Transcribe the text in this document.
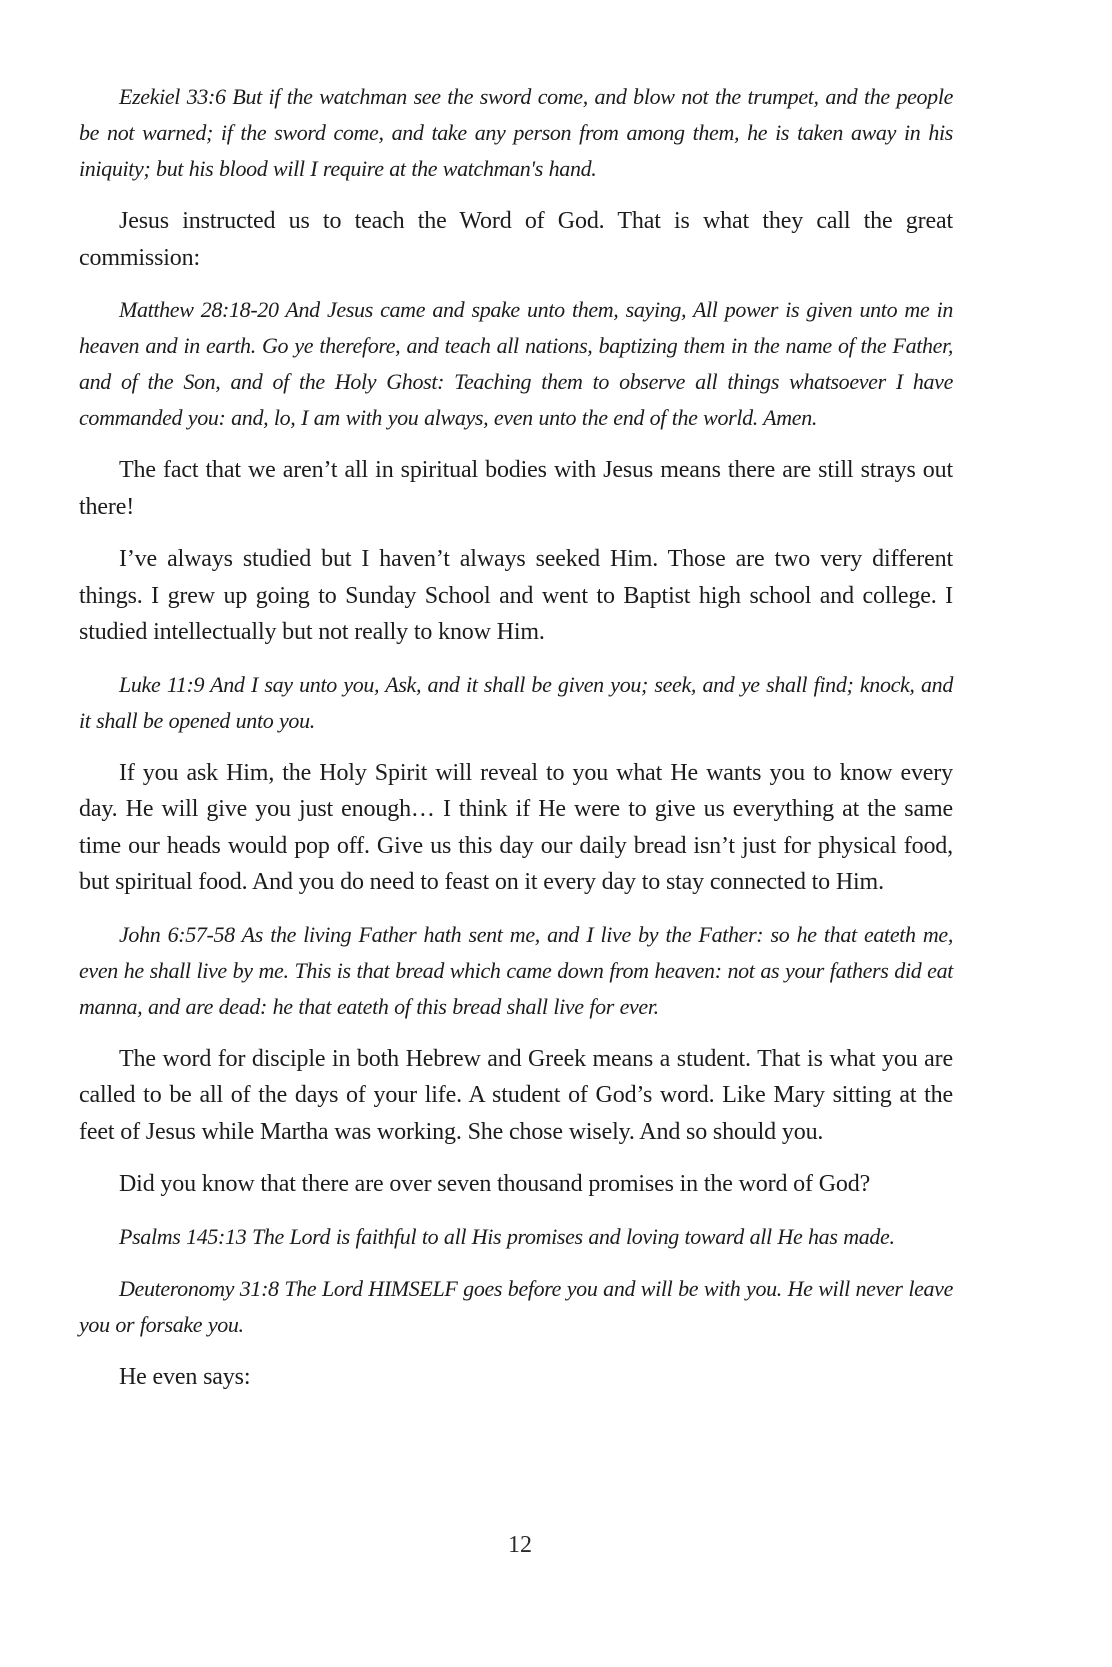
Ezekiel 33:6 But if the watchman see the sword come, and blow not the trumpet, and the people be not warned; if the sword come, and take any person from among them, he is taken away in his iniquity; but his blood will I require at the watchman's hand.

Jesus instructed us to teach the Word of God. That is what they call the great commission:

Matthew 28:18-20 And Jesus came and spake unto them, saying, All power is given unto me in heaven and in earth. Go ye therefore, and teach all nations, baptizing them in the name of the Father, and of the Son, and of the Holy Ghost: Teaching them to observe all things whatsoever I have commanded you: and, lo, I am with you always, even unto the end of the world. Amen.

The fact that we aren’t all in spiritual bodies with Jesus means there are still strays out there!

I’ve always studied but I haven’t always seeked Him. Those are two very different things. I grew up going to Sunday School and went to Baptist high school and college. I studied intellectually but not really to know Him.

Luke 11:9 And I say unto you, Ask, and it shall be given you; seek, and ye shall find; knock, and it shall be opened unto you.

If you ask Him, the Holy Spirit will reveal to you what He wants you to know every day. He will give you just enough… I think if He were to give us everything at the same time our heads would pop off. Give us this day our daily bread isn’t just for physical food, but spiritual food. And you do need to feast on it every day to stay connected to Him.

John 6:57-58 As the living Father hath sent me, and I live by the Father: so he that eateth me, even he shall live by me. This is that bread which came down from heaven: not as your fathers did eat manna, and are dead: he that eateth of this bread shall live for ever.

The word for disciple in both Hebrew and Greek means a student. That is what you are called to be all of the days of your life. A student of God’s word. Like Mary sitting at the feet of Jesus while Martha was working. She chose wisely. And so should you.

Did you know that there are over seven thousand promises in the word of God?

Psalms 145:13 The Lord is faithful to all His promises and loving toward all He has made.

Deuteronomy 31:8 The Lord HIMSELF goes before you and will be with you. He will never leave you or forsake you.

He even says:

12
